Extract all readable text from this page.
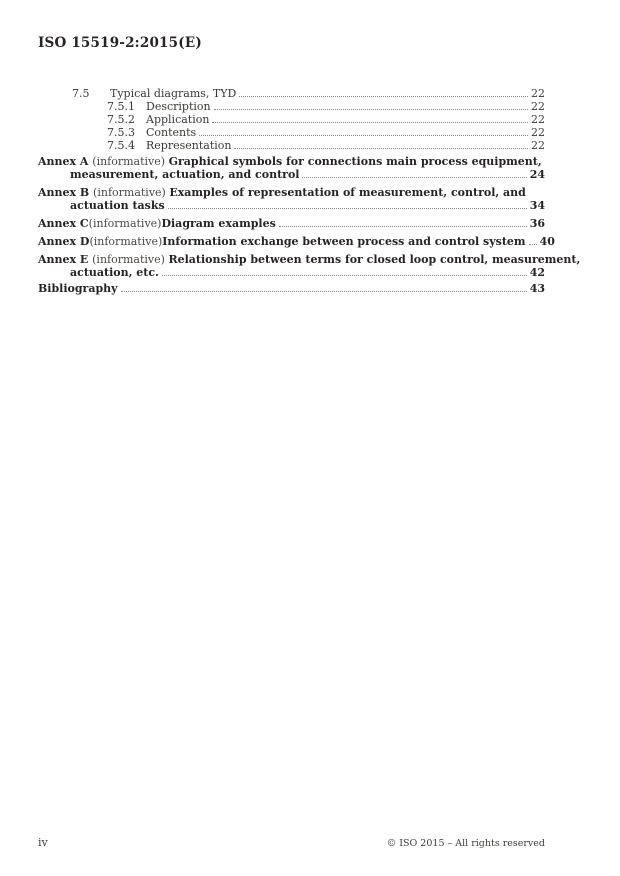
ISO 15519-2:2015(E)
7.5	Typical diagrams, TYD	22
7.5.1	Description	22
7.5.2	Application	22
7.5.3	Contents	22
7.5.4	Representation	22
Annex A (informative) Graphical symbols for connections main process equipment,
measurement, actuation, and control	24
Annex B (informative) Examples of representation of measurement, control, and
actuation tasks	34
Annex C (informative) Diagram examples	36
Annex D (informative) Information exchange between process and control system 40
Annex E (informative) Relationship between terms for closed loop control, measurement,
actuation, etc.	42
Bibliography	43
iv	© ISO 2015 – All rights reserved
